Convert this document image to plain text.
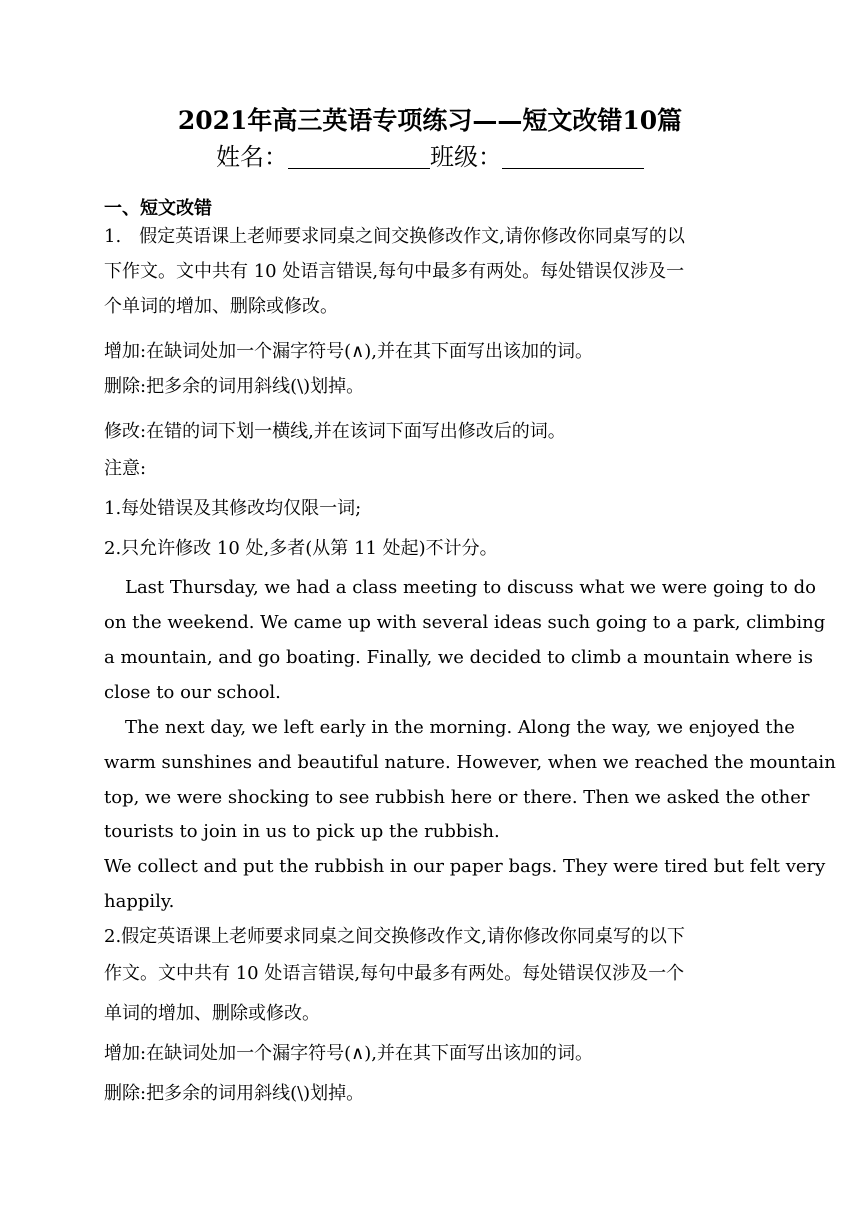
2021年高三英语专项练习——短文改错10篇
姓名：	班级：
一、短文改错
1.　假定英语课上老师要求同桌之间交换修改作文,请你修改你同桌写的以
下作文。文中共有 10 处语言错误,每句中最多有两处。每处错误仅涉及一
个单词的增加、删除或修改。
增加:在缺词处加一个漏字符号(∧),并在其下面写出该加的词。
删除:把多余的词用斜线(\)划掉。
修改:在错的词下划一横线,并在该词下面写出修改后的词。
注意:
1.每处错误及其修改均仅限一词;
2.只允许修改 10 处,多者(从第 11 处起)不计分。
Last Thursday, we had a class meeting to discuss what we were going to do
on the weekend. We came up with several ideas such going to a park, climbing
a mountain, and go boating. Finally, we decided to climb a mountain where is
close to our school.
The next day, we left early in the morning. Along the way, we enjoyed the
warm sunshines and beautiful nature. However, when we reached the mountain
top, we were shocking to see rubbish here or there. Then we asked the other
tourists to join in us to pick up the rubbish.
We collect and put the rubbish in our paper bags. They were tired but felt very
happily.
2.假定英语课上老师要求同桌之间交换修改作文,请你修改你同桌写的以下
作文。文中共有 10 处语言错误,每句中最多有两处。每处错误仅涉及一个
单词的增加、删除或修改。
增加:在缺词处加一个漏字符号(∧),并在其下面写出该加的词。
删除:把多余的词用斜线(\)划掉。
